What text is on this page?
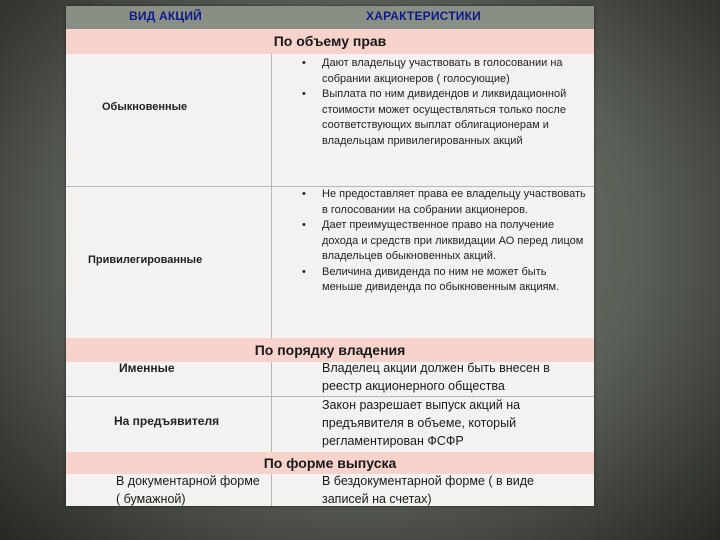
ВИД АКЦИЙ	ХАРАКТЕРИСТИКИ
По объему прав
Обыкновенные
• Дают владельцу участвовать в голосовании на собрании акционеров ( голосующие)
• Выплата по ним дивидендов и ликвидационной стоимости может осуществляться только после соответствующих выплат облигационерам и владельцам привилегированных акций
Привилегированные
• Не предоставляет права ее владельцу участвовать в голосовании на собрании акционеров.
• Дает преимущественное право на получение дохода и средств при ликвидации АО перед лицом владельцев обыкновенных акций.
• Величина дивиденда по ним не может быть меньше дивиденда по обыкновенным акциям.
По порядку владения
Именные	Владелец акции должен быть внесен в реестр акционерного общества
На предъявителя
Закон разрешает выпуск акций на предъявителя в объеме, который регламентирован ФСФР
По форме выпуска
В документарной форме ( бумажной)
В бездокументарной форме ( в виде записей на счетах)
